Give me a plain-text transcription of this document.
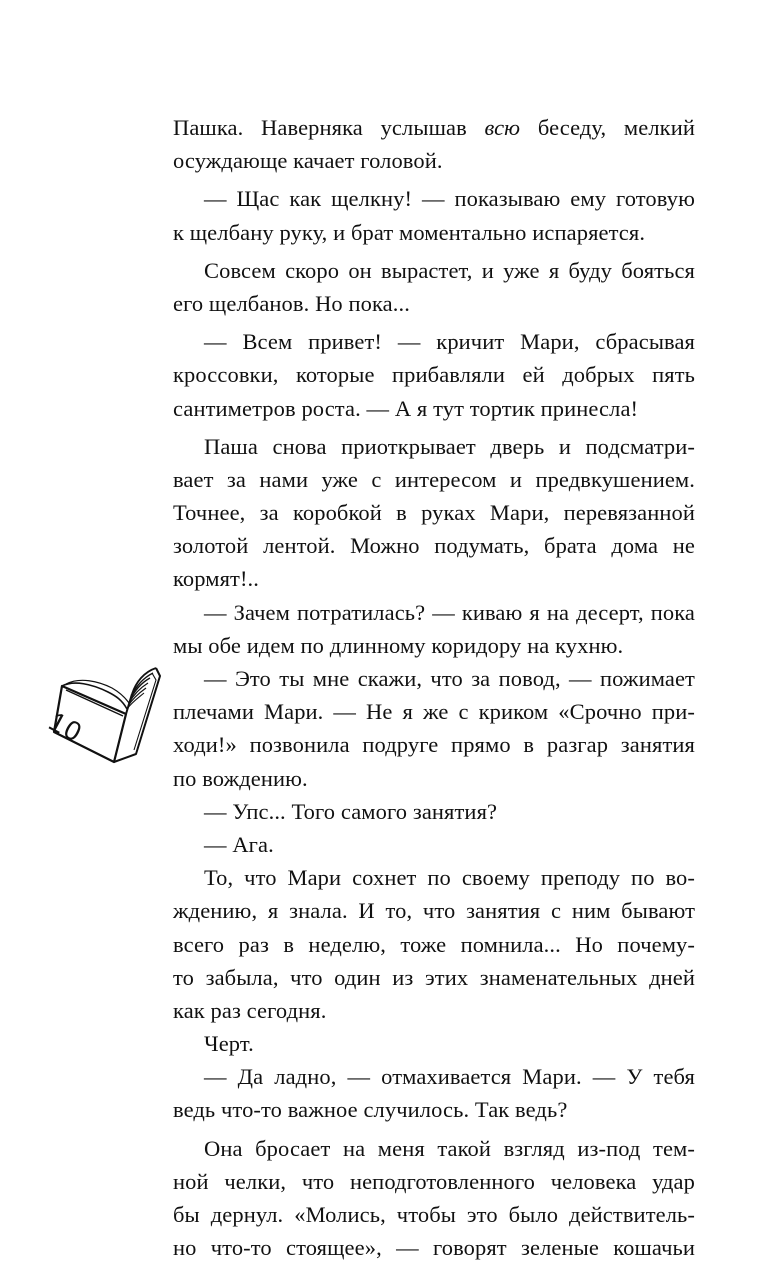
Пашка. Наверняка услышав всю беседу, мелкий
осуждающе качает головой.
— Щас как щелкну! — показываю ему готовую
к щелбану руку, и брат моментально испаряется.
Совсем скоро он вырастет, и уже я буду бояться
его щелбанов. Но пока...
— Всем привет! — кричит Мари, сбрасывая
кроссовки, которые прибавляли ей добрых пять
сантиметров роста. — А я тут тортик принесла!
Паша снова приоткрывает дверь и подсматри-
вает за нами уже с интересом и предвкушением.
Точнее, за коробкой в руках Мари, перевязанной
золотой лентой. Можно подумать, брата дома не
кормят!..
— Зачем потратилась? — киваю я на десерт, пока
мы обе идем по длинному коридору на кухню.
— Это ты мне скажи, что за повод, — пожимает
плечами Мари. — Не я же с криком «Срочно при-
ходи!» позвонила подруге прямо в разгар занятия
по вождению.
— Упс... Того самого занятия?
— Ага.
То, что Мари сохнет по своему преподу по во-
ждению, я знала. И то, что занятия с ним бывают
всего раз в неделю, тоже помнила... Но почему-
то забыла, что один из этих знаменательных дней
как раз сегодня.
Черт.
— Да ладно, — отмахивается Мари. — У тебя
ведь что-то важное случилось. Так ведь?
Она бросает на меня такой взгляд из-под тем-
ной челки, что неподготовленного человека удар
бы дернул. «Молись, чтобы это было действитель-
но что-то стоящее», — говорят зеленые кошачьи
10
